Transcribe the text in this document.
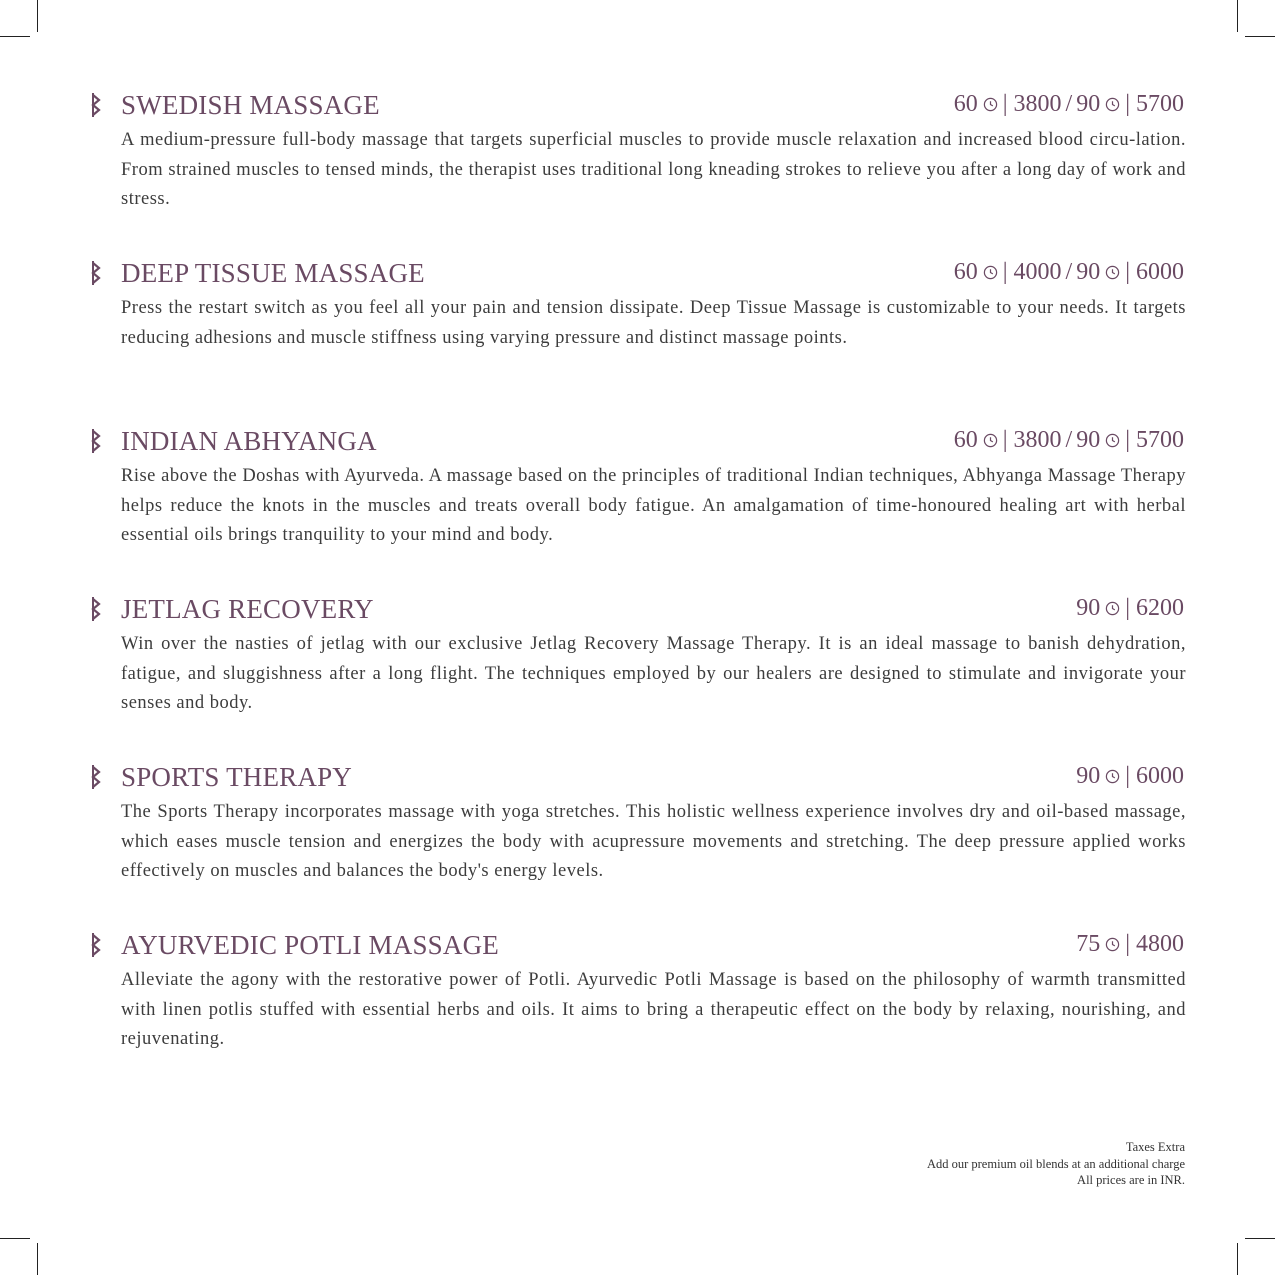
SWEDISH MASSAGE	60 | 3800 / 90 | 5700
A medium-pressure full-body massage that targets superficial muscles to provide muscle relaxation and increased blood circu-lation. From strained muscles to tensed minds, the therapist uses traditional long kneading strokes to relieve you after a long day of work and stress.
DEEP TISSUE MASSAGE	60 | 4000 / 90 | 6000
Press the restart switch as you feel all your pain and tension dissipate. Deep Tissue Massage is customizable to your needs. It targets reducing adhesions and muscle stiffness using varying pressure and distinct massage points.
INDIAN ABHYANGA	60 | 3800 / 90 | 5700
Rise above the Doshas with Ayurveda. A massage based on the principles of traditional Indian techniques, Abhyanga Massage Therapy helps reduce the knots in the muscles and treats overall body fatigue. An amalgamation of time-honoured healing art with herbal essential oils brings tranquility to your mind and body.
JETLAG RECOVERY	90 | 6200
Win over the nasties of jetlag with our exclusive Jetlag Recovery Massage Therapy. It is an ideal massage to banish dehydration, fatigue, and sluggishness after a long flight. The techniques employed by our healers are designed to stimulate and invigorate your senses and body.
SPORTS THERAPY	90 | 6000
The Sports Therapy incorporates massage with yoga stretches. This holistic wellness experience involves dry and oil-based massage, which eases muscle tension and energizes the body with acupressure movements and stretching. The deep pressure applied works effectively on muscles and balances the body's energy levels.
AYURVEDIC POTLI MASSAGE	75 | 4800
Alleviate the agony with the restorative power of Potli. Ayurvedic Potli Massage is based on the philosophy of warmth transmitted with linen potlis stuffed with essential herbs and oils. It aims to bring a therapeutic effect on the body by relaxing, nourishing, and rejuvenating.
Taxes Extra
Add our premium oil blends at an additional charge
All prices are in INR.
